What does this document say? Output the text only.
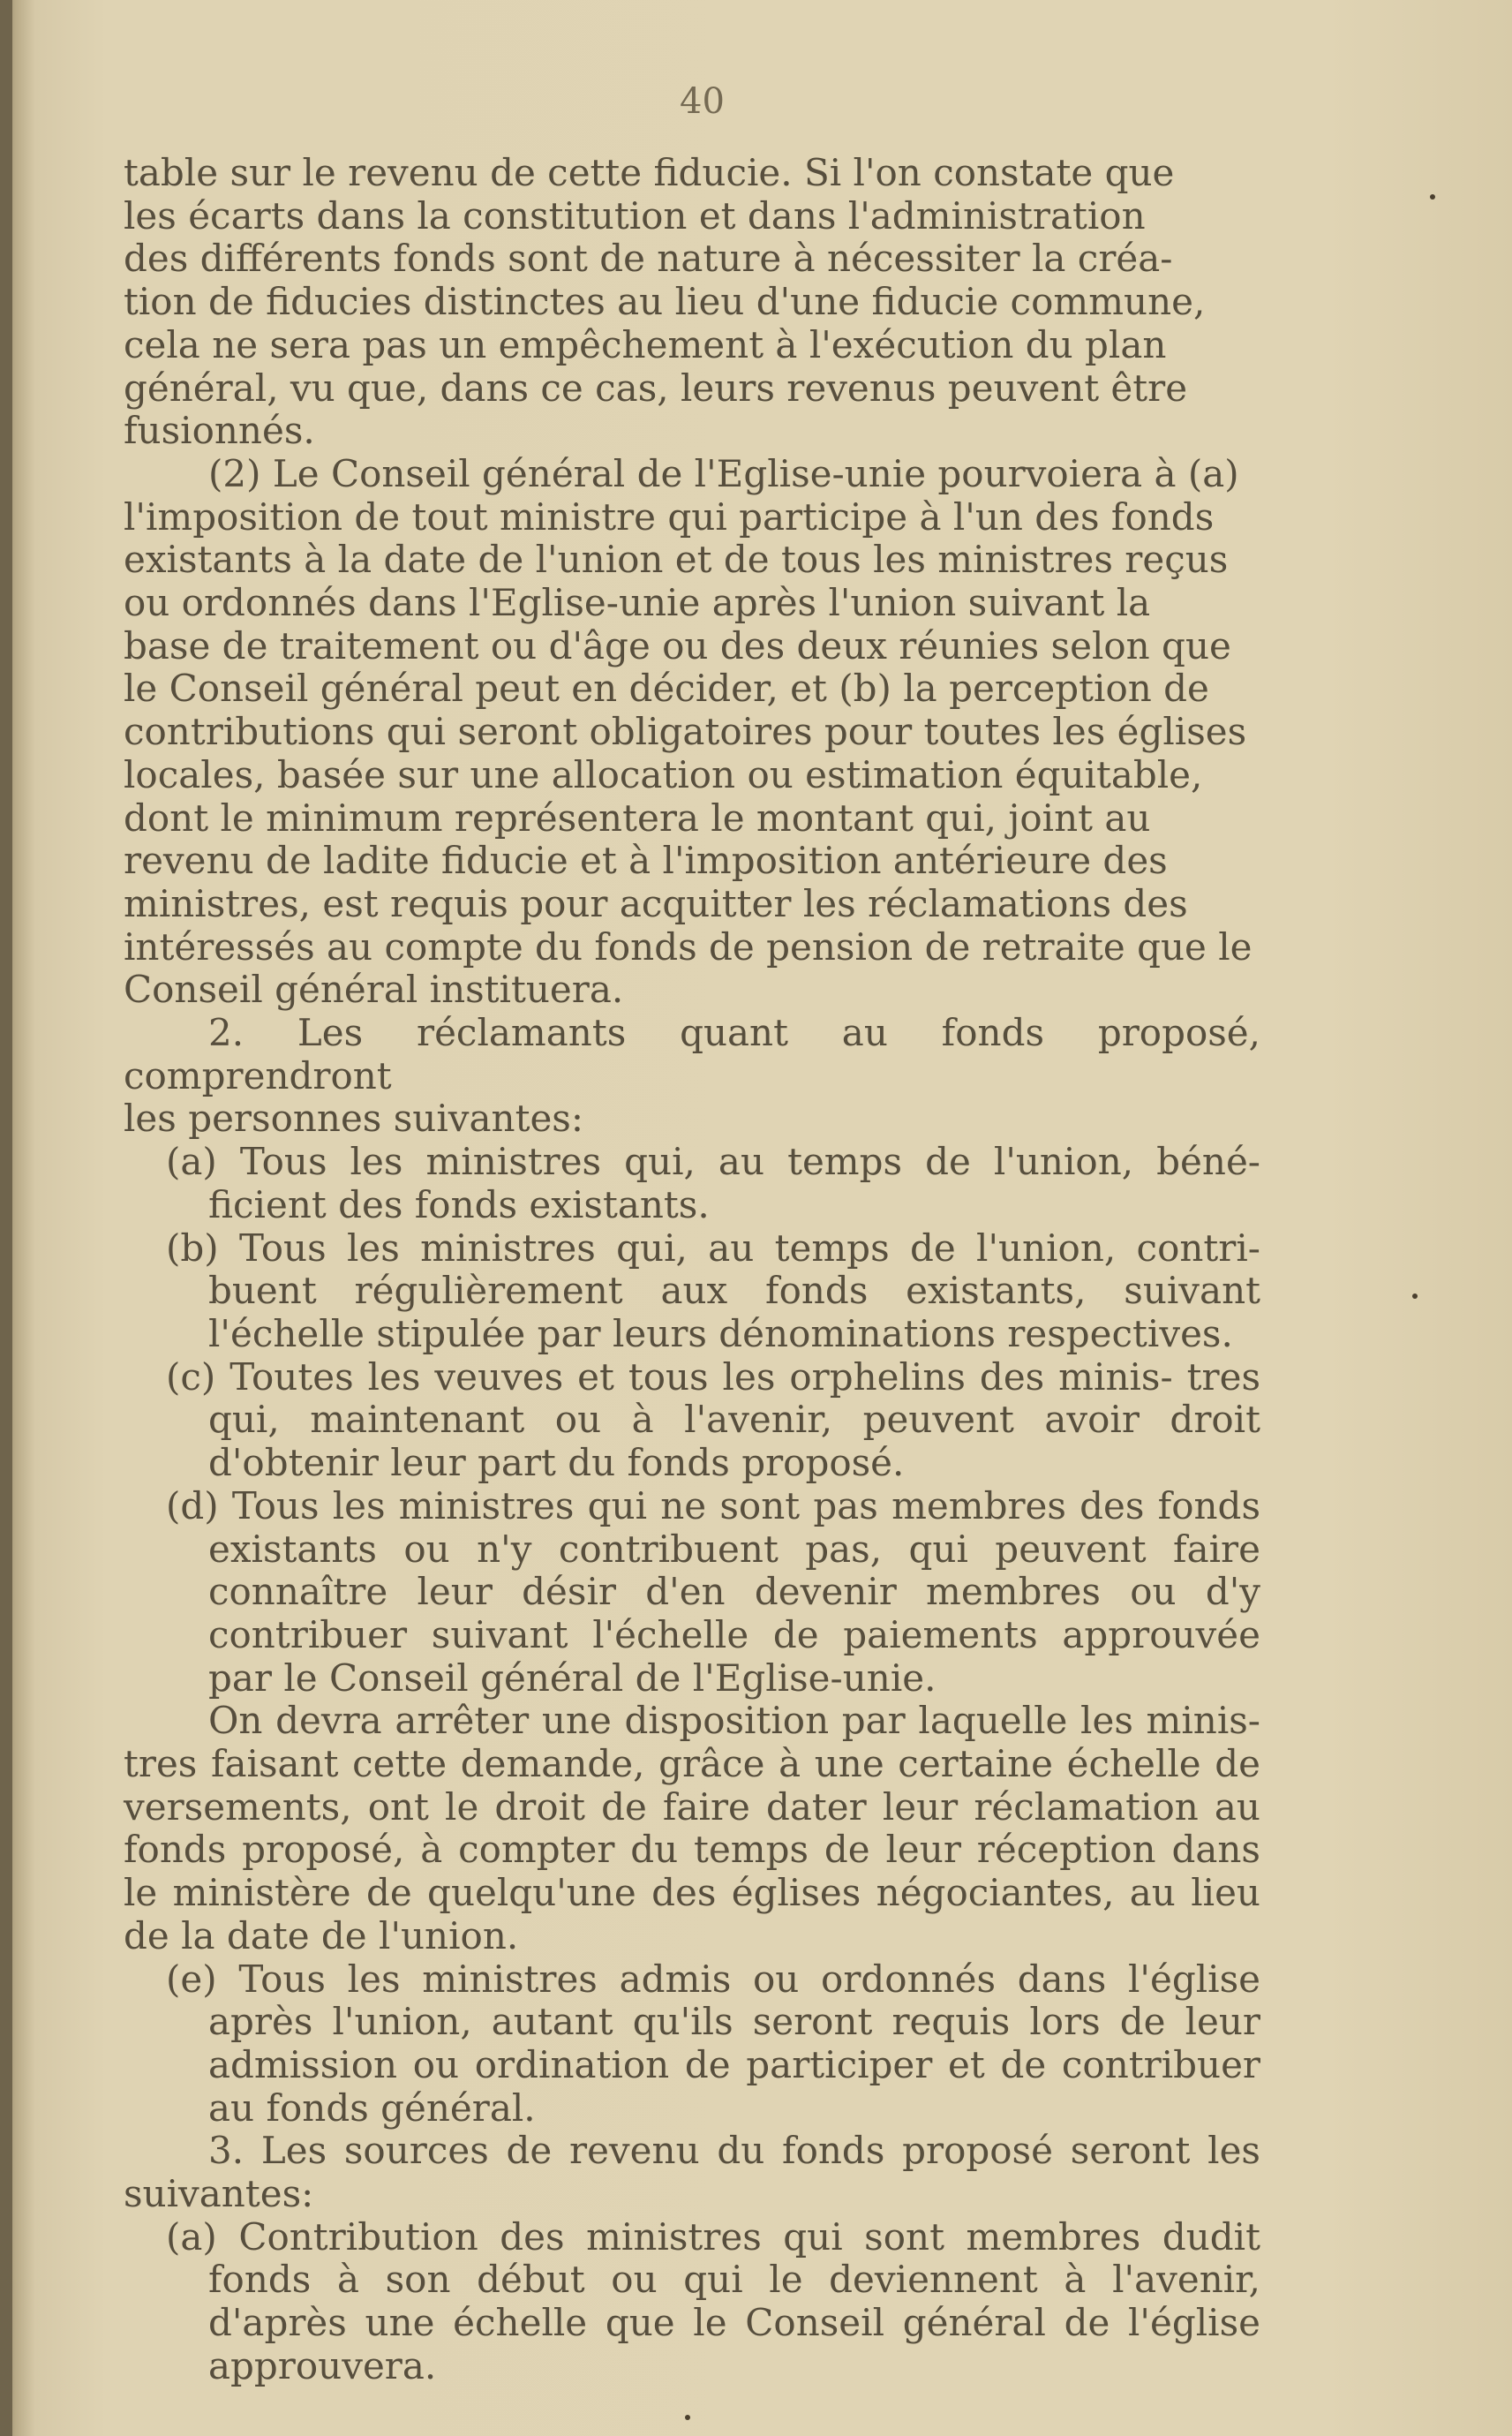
40

table sur le revenu de cette fiducie. Si l'on constate que

les écarts dans la constitution et dans l'administration

des différents fonds sont de nature à nécessiter la créa-

tion de fiducies distinctes au lieu d'une fiducie commune,

cela ne sera pas un empêchement à l'exécution du plan

général, vu que, dans ce cas, leurs revenus peuvent être

fusionnés.

(2) Le Conseil général de l'Eglise-unie pourvoiera à (a)

l'imposition de tout ministre qui participe à l'un des fonds

existants à la date de l'union et de tous les ministres reçus

ou ordonnés dans l'Eglise-unie après l'union suivant la

base de traitement ou d'âge ou des deux réunies selon que

le Conseil général peut en décider, et (b) la perception de

contributions qui seront obligatoires pour toutes les églises

locales, basée sur une allocation ou estimation équitable,

dont le minimum représentera le montant qui, joint au

revenu de ladite fiducie et à l'imposition antérieure des

ministres, est requis pour acquitter les réclamations des

intéressés au compte du fonds de pension de retraite que le

Conseil général instituera.

2. Les réclamants quant au fonds proposé, comprendront

les personnes suivantes:

(a) Tous les ministres qui, au temps de l'union, béné- ficient des fonds existants.

(b) Tous les ministres qui, au temps de l'union, contri- buent régulièrement aux fonds existants, suivant l'échelle stipulée par leurs dénominations respectives.

(c) Toutes les veuves et tous les orphelins des minis- tres qui, maintenant ou à l'avenir, peuvent avoir droit d'obtenir leur part du fonds proposé.

(d) Tous les ministres qui ne sont pas membres des fonds existants ou n'y contribuent pas, qui peuvent faire connaître leur désir d'en devenir membres ou d'y contribuer suivant l'échelle de paiements approuvée par le Conseil général de l'Eglise-unie.

On devra arrêter une disposition par laquelle les minis- tres faisant cette demande, grâce à une certaine échelle de versements, ont le droit de faire dater leur réclamation au fonds proposé, à compter du temps de leur réception dans le ministère de quelqu'une des églises négociantes, au lieu de la date de l'union.

(e) Tous les ministres admis ou ordonnés dans l'église après l'union, autant qu'ils seront requis lors de leur admission ou ordination de participer et de contribuer au fonds général.

3. Les sources de revenu du fonds proposé seront les suivantes:

(a) Contribution des ministres qui sont membres dudit fonds à son début ou qui le deviennent à l'avenir, d'après une échelle que le Conseil général de l'église approuvera.
